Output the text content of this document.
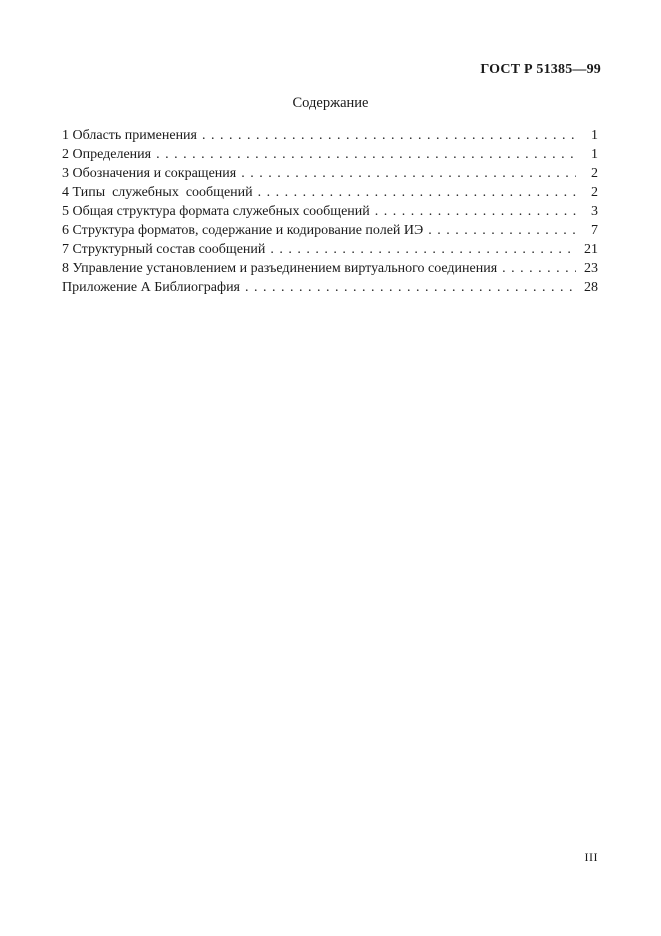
ГОСТ Р 51385—99
Содержание
1 Область применения . . .	1
2 Определения . . .	1
3 Обозначения и сокращения . . .	2
4 Типы  служебных  сообщений . . .	2
5 Общая структура формата служебных сообщений . . .	3
6 Структура форматов, содержание и кодирование полей ИЭ . . .	7
7 Структурный состав сообщений . . .	21
8 Управление установлением и разъединением виртуального соединения . . .	23
Приложение А Библиография . . .	28
III
